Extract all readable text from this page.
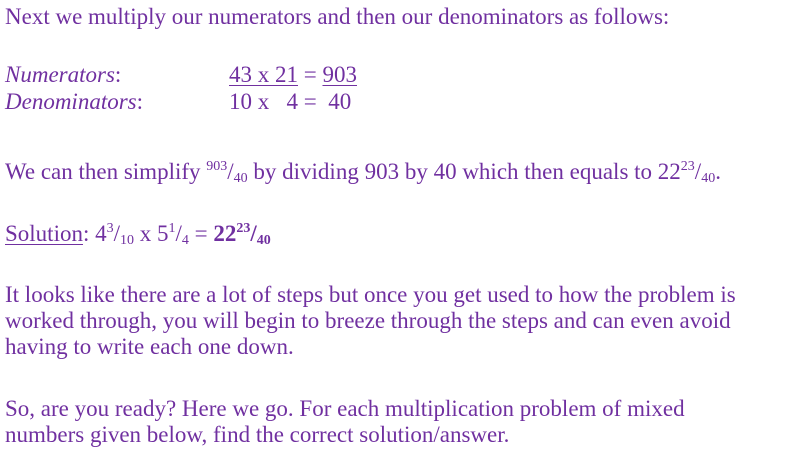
Next we multiply our numerators and then our denominators as follows:
Numerators:	43 x 21 = 903
Denominators:	10 x   4 =  40
We can then simplify $^{903}/_{40}$ by dividing 903 by 40 which then equals to $22^{23}/_{40}$.
Solution: $4^3/_{10}$ x $5^1/_4 = 22^{23}/_{40}$
It looks like there are a lot of steps but once you get used to how the problem is
worked through, you will begin to breeze through the steps and can even avoid
having to write each one down.
So, are you ready? Here we go. For each multiplication problem of mixed
numbers given below, find the correct solution/answer.
